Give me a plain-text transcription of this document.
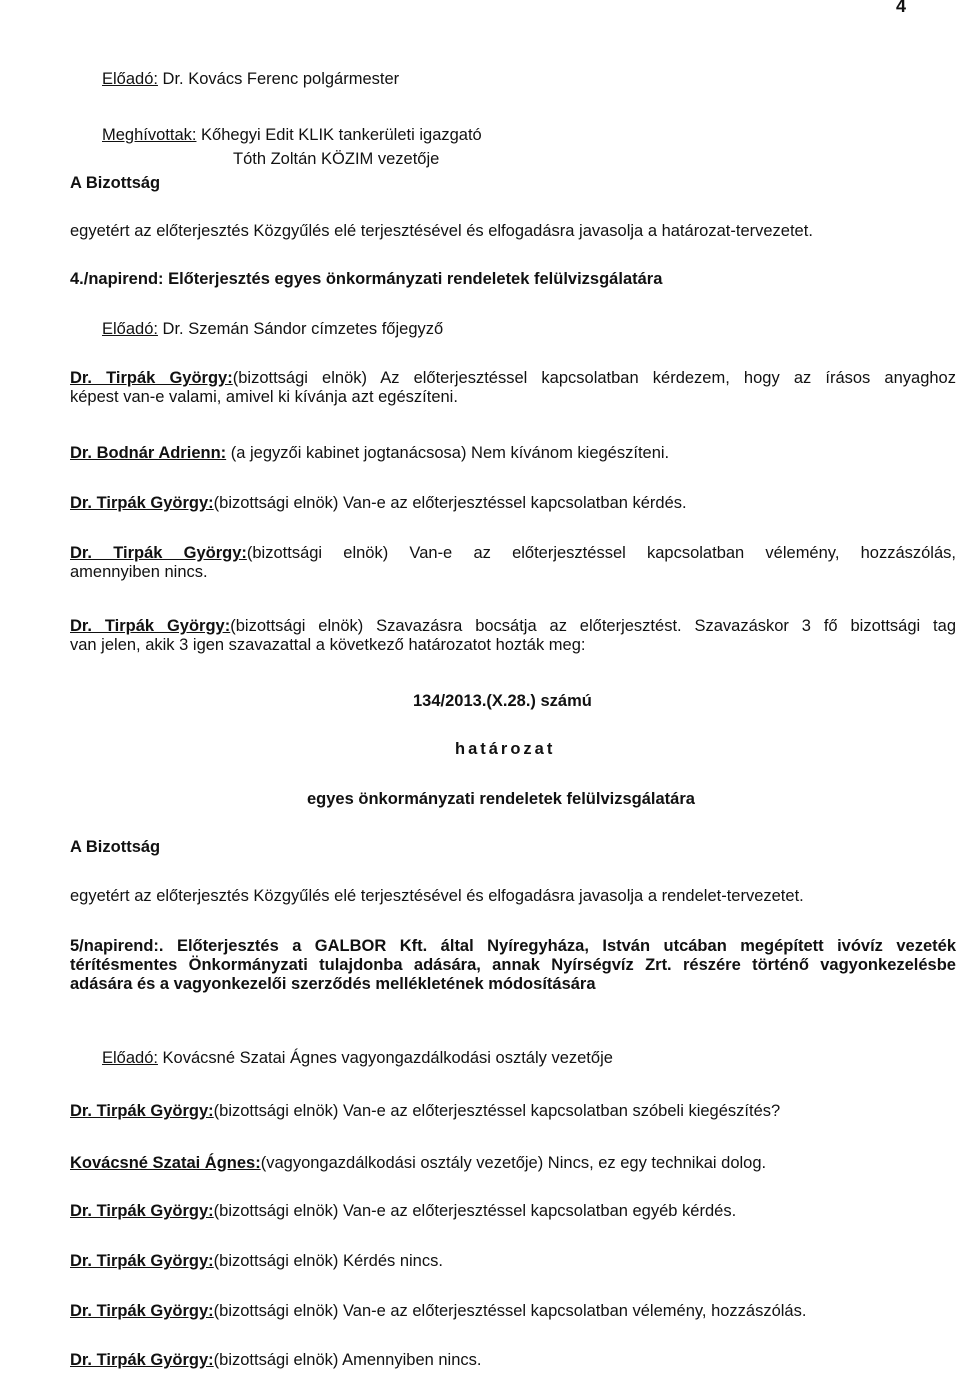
4
Előadó: Dr. Kovács Ferenc polgármester
Meghívottak: Kőhegyi Edit KLIK tankerületi igazgató
Tóth Zoltán KÖZIM vezetője
A Bizottság
egyetért az előterjesztés Közgyűlés elé terjesztésével és elfogadásra javasolja a határozat-tervezetet.
4./napirend: Előterjesztés egyes önkormányzati rendeletek felülvizsgálatára
Előadó: Dr. Szemán Sándor címzetes főjegyző
Dr. Tirpák György:(bizottsági elnök) Az előterjesztéssel kapcsolatban kérdezem, hogy az írásos anyaghoz
képest van-e valami, amivel ki kívánja azt egészíteni.
Dr. Bodnár Adrienn: (a jegyzői kabinet jogtanácsosa) Nem kívánom kiegészíteni.
Dr. Tirpák György:(bizottsági elnök) Van-e az előterjesztéssel kapcsolatban kérdés.
Dr. Tirpák György:(bizottsági elnök) Van-e az előterjesztéssel kapcsolatban vélemény, hozzászólás,
amennyiben nincs.
Dr. Tirpák György:(bizottsági elnök) Szavazásra bocsátja az előterjesztést. Szavazáskor 3 fő bizottsági tag
van jelen, akik 3 igen szavazattal a következő határozatot hozták meg:
134/2013.(X.28.) számú
határozat
egyes önkormányzati rendeletek felülvizsgálatára
A Bizottság
egyetért az előterjesztés Közgyűlés elé terjesztésével és elfogadásra javasolja a rendelet-tervezetet.
5/napirend:. Előterjesztés a GALBOR Kft. által Nyíregyháza, István utcában megépített ivóvíz vezeték
térítésmentes Önkormányzati tulajdonba adására, annak Nyírségvíz Zrt. részére történő vagyonkezelésbe
adására és a vagyonkezelői szerződés mellékletének módosítására
Előadó: Kovácsné Szatai Ágnes vagyongazdálkodási osztály vezetője
Dr. Tirpák György:(bizottsági elnök) Van-e az előterjesztéssel kapcsolatban szóbeli kiegészítés?
Kovácsné Szatai Ágnes:(vagyongazdálkodási osztály vezetője) Nincs, ez egy technikai dolog.
Dr. Tirpák György:(bizottsági elnök) Van-e az előterjesztéssel kapcsolatban egyéb kérdés.
Dr. Tirpák György:(bizottsági elnök) Kérdés nincs.
Dr. Tirpák György:(bizottsági elnök) Van-e az előterjesztéssel kapcsolatban vélemény, hozzászólás.
Dr. Tirpák György:(bizottsági elnök) Amennyiben nincs.
